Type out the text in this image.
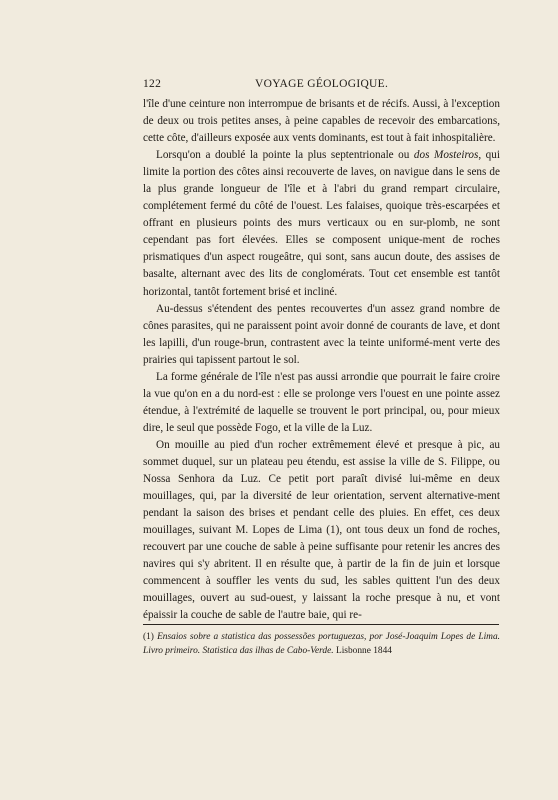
122	VOYAGE GÉOLOGIQUE.

l'île d'une ceinture non interrompue de brisants et de récifs. Aussi, à l'exception de deux ou trois petites anses, à peine capables de recevoir des embarcations, cette côte, d'ailleurs exposée aux vents dominants, est tout à fait inhospitalière.

Lorsqu'on a doublé la pointe la plus septentrionale ou dos Mosteiros, qui limite la portion des côtes ainsi recouverte de laves, on navigue dans le sens de la plus grande longueur de l'île et à l'abri du grand rempart circulaire, complétement fermé du côté de l'ouest. Les falaises, quoique très-escarpées et offrant en plusieurs points des murs verticaux ou en sur-plomb, ne sont cependant pas fort élevées. Elles se composent unique-ment de roches prismatiques d'un aspect rougeâtre, qui sont, sans aucun doute, des assises de basalte, alternant avec des lits de conglomérats. Tout cet ensemble est tantôt horizontal, tantôt fortement brisé et incliné.

Au-dessus s'étendent des pentes recouvertes d'un assez grand nombre de cônes parasites, qui ne paraissent point avoir donné de courants de lave, et dont les lapilli, d'un rouge-brun, contrastent avec la teinte uniformé-ment verte des prairies qui tapissent partout le sol.

La forme générale de l'île n'est pas aussi arrondie que pourrait le faire croire la vue qu'on en a du nord-est : elle se prolonge vers l'ouest en une pointe assez étendue, à l'extrémité de laquelle se trouvent le port principal, ou, pour mieux dire, le seul que possède Fogo, et la ville de la Luz.

On mouille au pied d'un rocher extrêmement élevé et presque à pic, au sommet duquel, sur un plateau peu étendu, est assise la ville de S. Filippe, ou Nossa Senhora da Luz. Ce petit port paraît divisé lui-même en deux mouillages, qui, par la diversité de leur orientation, servent alternative-ment pendant la saison des brises et pendant celle des pluies. En effet, ces deux mouillages, suivant M. Lopes de Lima (1), ont tous deux un fond de roches, recouvert par une couche de sable à peine suffisante pour retenir les ancres des navires qui s'y abritent. Il en résulte que, à partir de la fin de juin et lorsque commencent à souffler les vents du sud, les sables quittent l'un des deux mouillages, ouvert au sud-ouest, y laissant la roche presque à nu, et vont épaissir la couche de sable de l'autre baie, qui re-

(1) Ensaios sobre a statistica das possessões portuguezas, por José-Joaquim Lopes de Lima. Livro primeiro. Statistica das ilhas de Cabo-Verde. Lisbonne 1844
